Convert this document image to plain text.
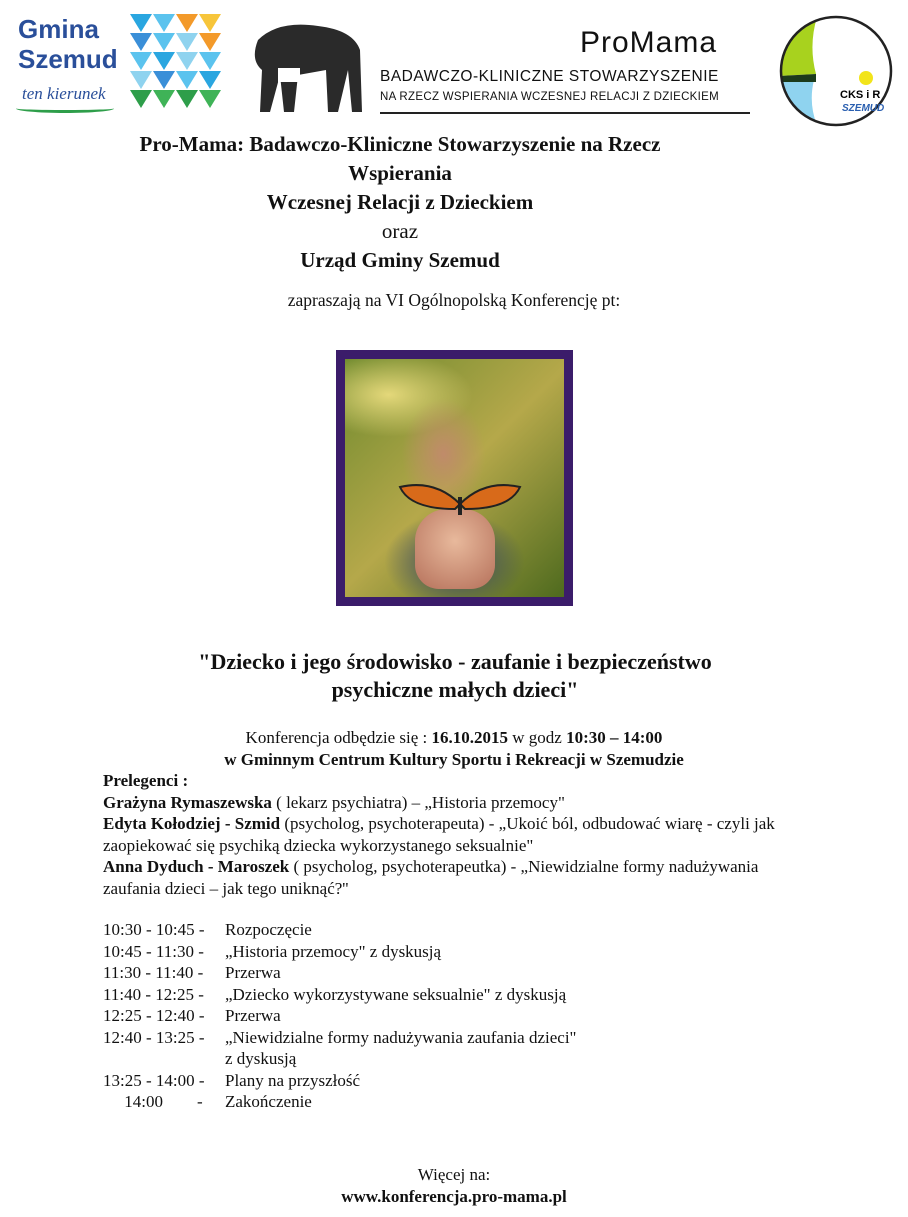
Gmina Szemud
ten kierunek
ProMama
BADAWCZO-KLINICZNE STOWARZYSZENIE
NA RZECZ WSPIERANIA WCZESNEJ RELACJI Z DZIECKIEM	CKS i R
SZEMUD
Pro-Mama: Badawczo-Kliniczne Stowarzyszenie na Rzecz
Wspierania
Wczesnej Relacji z Dzieckiem
oraz
Urząd Gminy Szemud
zapraszają na VI Ogólnopolską Konferencję pt:
"Dziecko i jego środowisko - zaufanie i bezpieczeństwo
psychiczne małych dzieci"
Konferencja odbędzie się : 16.10.2015 w godz 10:30 – 14:00
w Gminnym Centrum Kultury Sportu i Rekreacji w Szemudzie
Prelegenci :
Grażyna Rymaszewska ( lekarz psychiatra) – „Historia przemocy"
Edyta Kołodziej - Szmid (psycholog, psychoterapeuta) - „Ukoić ból, odbudować wiarę - czyli jak zaopiekować się psychiką dziecka wykorzystanego seksualnie"
Anna Dyduch - Maroszek ( psycholog, psychoterapeutka) - „Niewidzialne formy nadużywania zaufania dzieci – jak tego uniknąć?''
10:30 - 10:45 -	Rozpoczęcie
10:45 - 11:30 -	„Historia przemocy" z dyskusją
11:30 - 11:40 -	Przerwa
11:40 - 12:25 -	„Dziecko wykorzystywane seksualnie" z dyskusją
12:25 - 12:40 -	Przerwa
12:40 - 13:25 -	„Niewidzialne formy nadużywania zaufania dzieci"
z dyskusją
13:25 - 14:00 -	Plany na przyszłość
14:00        -	Zakończenie
Więcej na:
www.konferencja.pro-mama.pl
